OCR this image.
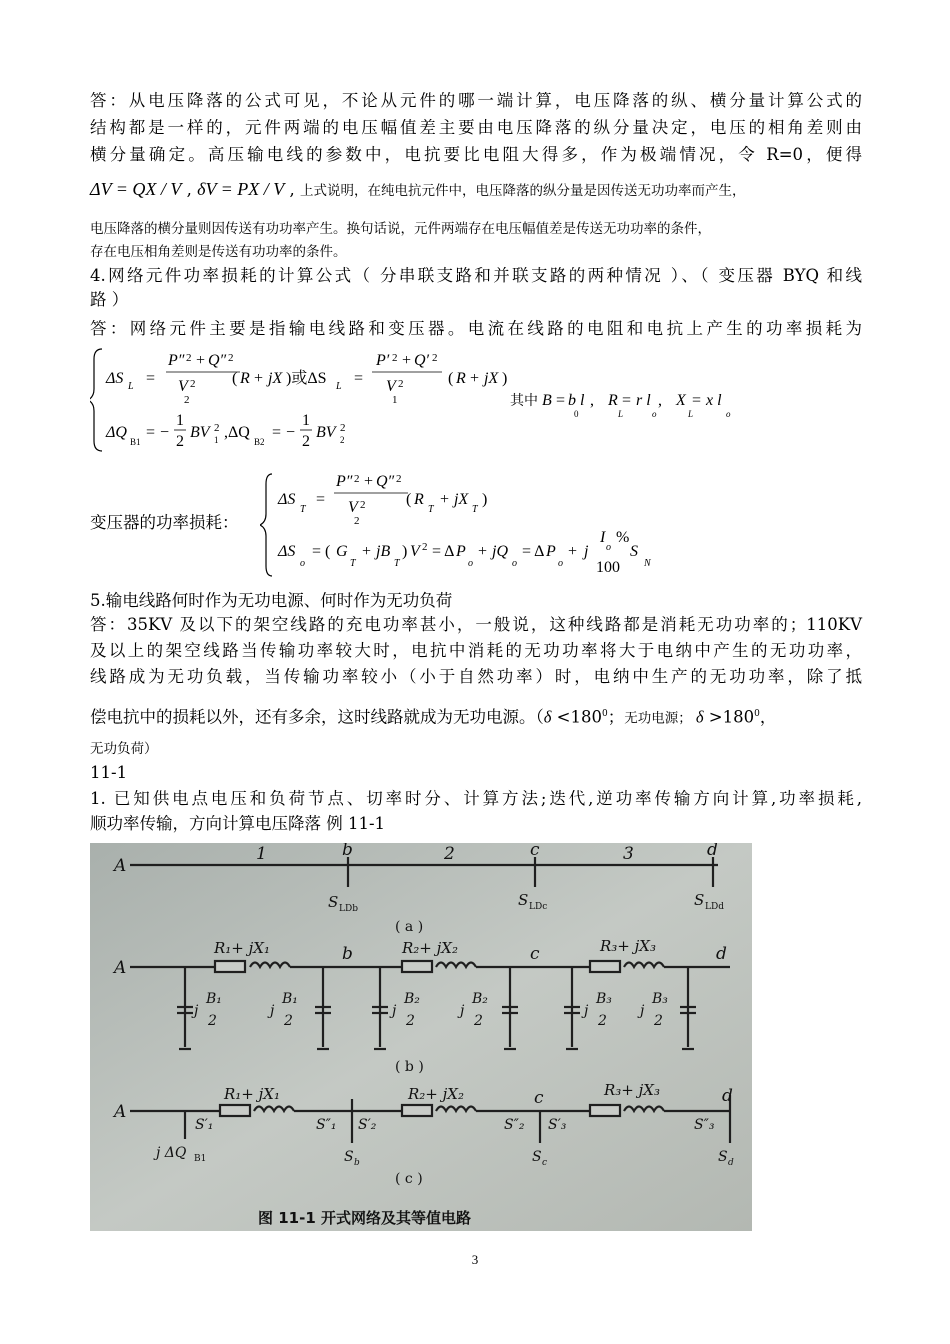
答：从电压降落的公式可见，不论从元件的哪一端计算，电压降落的纵、横分量计算公式的
结构都是一样的，元件两端的电压幅值差主要由电压降落的纵分量决定，电压的相角差则由
横分量确定。高压输电线的参数中，电抗要比电阻大得多，作为极端情况，令 R=0，便得
ΔV = QX / V , δV = PX / V , 上式说明，在纯电抗元件中，电压降落的纵分量是因传送无功功率而产生，
电压降落的横分量则因传送有功功率产生。换句话说，元件两端存在电压幅值差是传送无功功率的条件，
存在电压相角差则是传送有功功率的条件。
4.网络元件功率损耗的计算公式（ 分串联支路和并联支路的两种情况 ）、（ 变压器 BYQ 和线
路 ）
答：网络元件主要是指输电线路和变压器。电流在线路的电阻和电抗上产生的功率损耗为
ΔS L =
P″ 2 + Q″ 2
V 2
2
( R + jX )或ΔS L =
P′ 2 + Q′ 2
V 2
1
( R + jX )
其中 B = b l
0
, R = r l
L	o
, X = x l
L	o
ΔQ
B1
= −
1
2
BV 2
1 ,ΔQ
B2
= −
1
2
BV 2
2
变压器的功率损耗：
ΔS
T
=
P″ 2 + Q″ 2
V 2
2
( R
T
+ jX
T
)
ΔS
o
= ( G
T
+ jB
T
) V 2 = Δ P
o
+ jQ
o
= Δ P
o
+ j
I
o
%
100
S
N
5.输电线路何时作为无功电源、何时作为无功负荷
答：35KV 及以下的架空线路的充电功率甚小，一般说，这种线路都是消耗无功功率的；110KV
及以上的架空线路当传输功率较大时，电抗中消耗的无功功率将大于电纳中产生的无功功率，
线路成为无功负载，当传输功率较小（小于自然功率）时，电纳中生产的无功功率，除了抵
偿电抗中的损耗以外，还有多余，这时线路就成为无功电源。（$\delta <180^0$；无功电源； $\delta >180^0$，
无功负荷）
11-1
1. 已知供电点电压和负荷节点、切率时分、计算方法;迭代,逆功率传输方向计算,功率损耗,
顺功率传输，方向计算电压降落 例 11-1
A
b	c	d
1	2	3
S LDb	S LDc	S LDd
( a )
A
R₁+ jX₁	b	R₂+ jX₂	c	R₃+ jX₃	d
j
B₁
2
j
B₁
2
j
B₂
2
j
B₂
2
j
B₃
2
j
B₃
2
( b )
A
R₁+ jX₁
S′₁	S″₁ S′₂
R₂+ jX₂	c
S″₂ S′₃
R₃+ jX₃	d
S″₃
j ΔQ B1	S b	S c	S d
( c )
图 11-1 开式网络及其等值电路
3
